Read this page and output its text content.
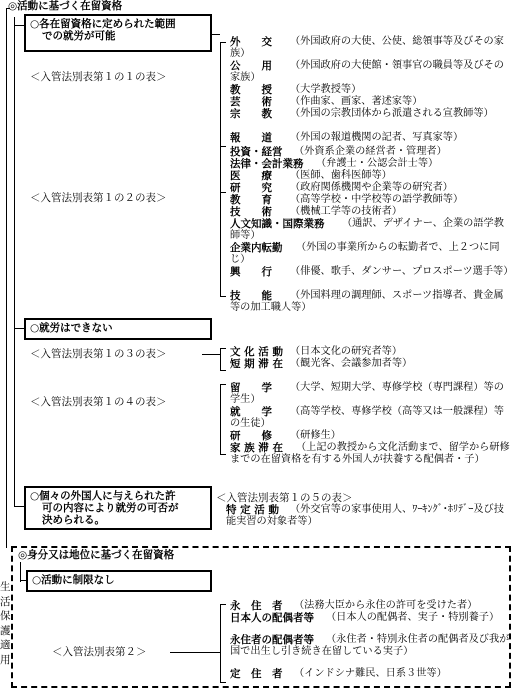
◎活動に基づく在留資格
○各在留資格に定められた範囲
での就労が可能
＜入管法別表第１の１の表＞
外　　交	（外国政府の大使、公使、総領事等及びその家族）
公　　用	（外国政府の大使館・領事官の職員等及びその家族）
教　　授	（大学教授等）
芸　　術	（作曲家、画家、著述家等）
宗　　教	（外国の宗教団体から派遣される宣教師等）
報　　道	（外国の報道機関の記者、写真家等）
＜入管法別表第１の２の表＞
投資・経営	（外資系企業の経営者・管理者）
法律・会計業務	（弁護士・公認会計士等）
医　　療	（医師、歯科医師等）
研　　究	（政府関係機関や企業等の研究者）
教　　育	（高等学校・中学校等の語学教師等）
技　　術	（機械工学等の技術者）
人文知識・国際業務	（通訳、デザイナー、企業の語学教師等）
企業内転勤	（外国の事業所からの転勤者で、上２つに同じ）
興　　行	（俳優、歌手、ダンサー、プロスポーツ選手等）
技　　能	（外国料理の調理師、スポーツ指導者、貴金属等の加工職人等）
○就労はできない
＜入管法別表第１の３の表＞	文 化 活 動 （日本文化の研究者等）
短 期 滞 在 （観光客、会議参加者等）
＜入管法別表第１の４の表＞
留　　学	（大学、短期大学、専修学校（専門課程）等の学生）
就　　学	（高等学校、専修学校（高等又は一般課程）等の生徒）
研　　修	（研修生）
家 族 滞 在	（上記の教授から文化活動まで、留学から研修までの在留資格を有する外国人が扶養する配偶者・子）
○個々の外国人に与えられた許
可の内容により就労の可否が
決められる。
＜入管法別表第１の５の表＞
特 定 活 動	（外交官等の家事使用人、ﾜｰｷﾝｸﾞ･ﾎﾘﾃﾞｰ及び技能実習の対象者等）
◎身分又は地位に基づく在留資格
○活動に制限なし
＜入管法別表第２＞
永　住　者	（法務大臣から永住の許可を受けた者）
日本人の配偶者等	（日本人の配偶者、実子・特別養子）
永住者の配偶者等	（永住者・特別永住者の配偶者及び我が国で出生し引き続き在留している実子）
定　住　者	（インドシナ難民、日系３世等）
生活保護適用
